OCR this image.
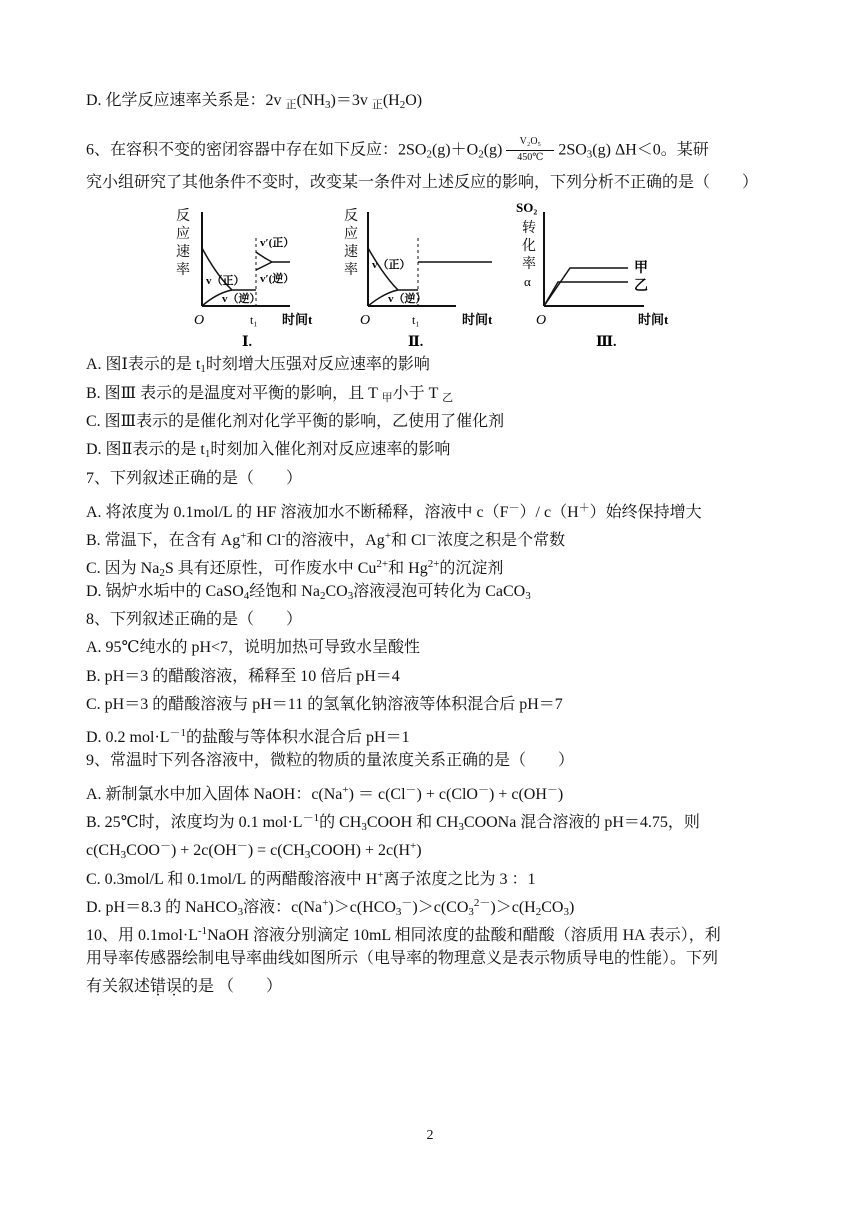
D. 化学反应速率关系是：2v $_正(NH_3)=3v$ $_正(H_2O)$
6、在容积不变的密闭容器中存在如下反应：$2SO_2(g)+O_2(g) \frac{\text{V₂O₅}}{450℃} 2SO_3(g)$ ΔH＜0。某研
究小组研究了其他条件不变时，改变某一条件对上述反应的影响，下列分析不正确的是（　　）
反
应
速
率
v（正）
v（逆）
v′(正）
v′(逆）
O	t₁ 时间t
Ⅰ.
反
应
速
率 v（正）
v（逆）
O	t₁	时间t
Ⅱ.
SO₂
转
化
率
α
甲
乙
O	时间t
Ⅲ.
A. 图Ⅰ表示的是 $t_1$时刻增大压强对反应速率的影响
B. 图Ⅲ 表示的是温度对平衡的影响，且 T $_甲$小于 T $_乙$
C. 图Ⅲ表示的是催化剂对化学平衡的影响，乙使用了催化剂
D. 图Ⅱ表示的是 $t_1$时刻加入催化剂对反应速率的影响
7、下列叙述正确的是（　　）
A. 将浓度为 0.1mol/L 的 HF 溶液加水不断稀释，溶液中 c（F－）/ c（H＋）始终保持增大
B. 常温下，在含有 Ag+和 Cl-的溶液中，Ag+和 Cl－浓度之积是个常数
C. 因为 $Na_2S$ 具有还原性，可作废水中 $Cu^{2+}$和 $Hg^{2+}$的沉淀剂
D. 锅炉水垢中的 CaSO$_4$经饱和 $Na_2CO_3$溶液浸泡可转化为 CaCO$_3$
8、下列叙述正确的是（　　）
A. 95℃纯水的 pH<7，说明加热可导致水呈酸性
B. pH＝3 的醋酸溶液，稀释至 10 倍后 pH＝4
C. pH＝3 的醋酸溶液与 pH＝11 的氢氧化钠溶液等体积混合后 pH＝7
D. 0.2 $mol\cdot L^{-1}$的盐酸与等体积水混合后 pH＝1
9、常温时下列各溶液中，微粒的物质的量浓度关系正确的是（　　）
A. 新制氯水中加入固体 NaOH：c(Na+) ＝ c(Cl－) + c(ClO－) + c(OH－)
B. 25℃时，浓度均为 0.1 $mol\cdot L^{-1}$的 $CH_3COOH$ 和 $CH_3COONa$ 混合溶液的 pH＝4.75，则
$c(CH_3COO^-) + 2c(OH^-)$ = $c(CH_3COOH) + 2c(H^+)$
C. 0.3mol/L 和 0.1mol/L 的两醋酸溶液中 H+离子浓度之比为 3 ：1
D. pH＝8.3 的 NaHCO$_3$溶液：$c(Na^+)>c(HCO_3^-)>c(CO_3^{2-})>c(H_2CO_3)$
10、用 $0.1mol\cdot L^{-1}NaOH$ 溶液分别滴定 10mL 相同浓度的盐酸和醋酸（溶质用 HA 表示），利
用导率传感器绘制电导率曲线如图所示（电导率的物理意义是表示物质导电的性能）。下列
有关叙述错误的是 （　　）
2
